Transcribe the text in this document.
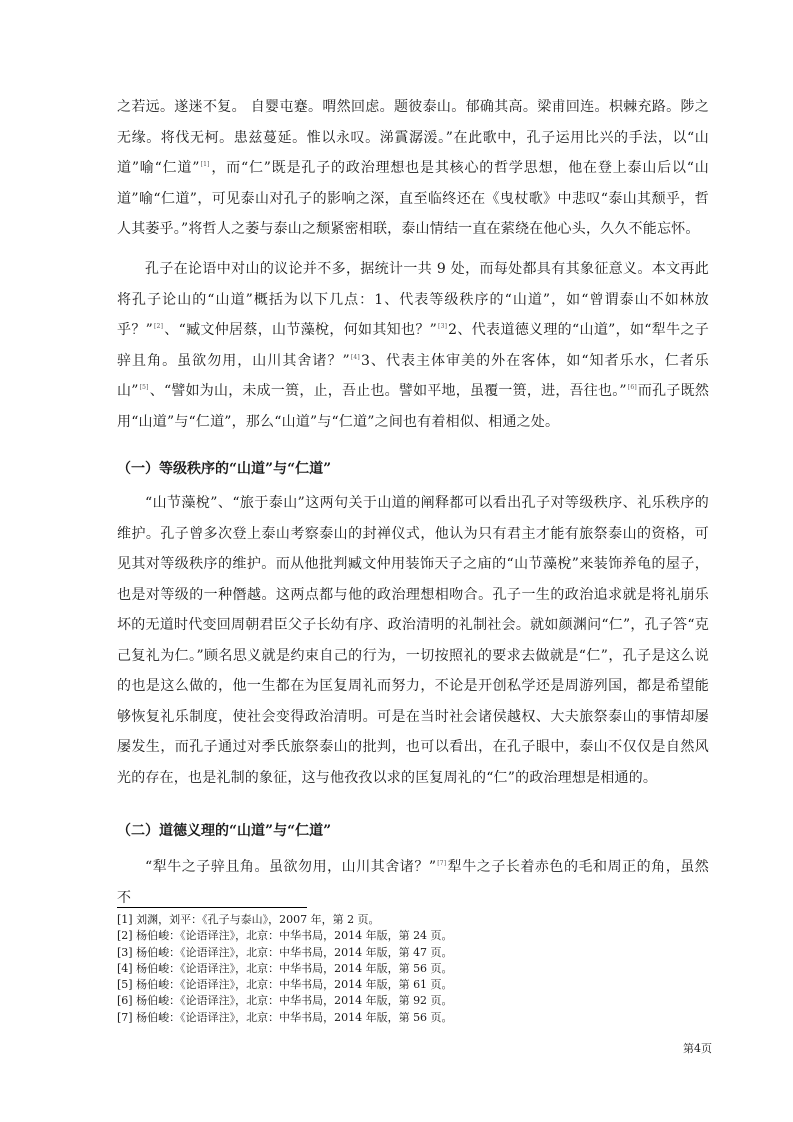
之若远。遂迷不复。 自婴屯蹇。喟然回虑。题彼泰山。郁确其高。梁甫回连。枳棘充路。陟之无缘。将伐无柯。患兹蔓延。惟以永叹。涕霣潺湲。”在此歌中，孔子运用比兴的手法，以“山道”喻“仁道”[1]，而“仁”既是孔子的政治理想也是其核心的哲学思想，他在登上泰山后以“山道”喻“仁道”，可见泰山对孔子的影响之深，直至临终还在《曳杖歌》中悲叹“泰山其颓乎，哲人其萎乎。”将哲人之萎与泰山之颓紧密相联，泰山情结一直在萦绕在他心头，久久不能忘怀。

孔子在论语中对山的议论并不多，据统计一共 9 处，而每处都具有其象征意义。本文再此将孔子论山的“山道”概括为以下几点：1、代表等级秩序的“山道”，如“曾谓泰山不如林放乎？”[2]、“臧文仲居蔡，山节藻梲，何如其知也？”[3]2、代表道德义理的“山道”，如“犁牛之子骍且角。虽欲勿用，山川其舍诸？”[4]3、代表主体审美的外在客体，如“知者乐水，仁者乐山”[5]、“譬如为山，未成一篑，止，吾止也。譬如平地，虽覆一篑，进，吾往也。”[6]而孔子既然用“山道”与“仁道”，那么“山道”与“仁道”之间也有着相似、相通之处。

（一）等级秩序的“山道”与“仁道”

“山节藻梲”、“旅于泰山”这两句关于山道的阐释都可以看出孔子对等级秩序、礼乐秩序的维护。孔子曾多次登上泰山考察泰山的封禅仪式，他认为只有君主才能有旅祭泰山的资格，可见其对等级秩序的维护。而从他批判臧文仲用装饰天子之庙的“山节藻梲”来装饰养龟的屋子，也是对等级的一种僭越。这两点都与他的政治理想相吻合。孔子一生的政治追求就是将礼崩乐坏的无道时代变回周朝君臣父子长幼有序、政治清明的礼制社会。就如颜渊问“仁”，孔子答“克己复礼为仁。”顾名思义就是约束自己的行为，一切按照礼的要求去做就是“仁”，孔子是这么说的也是这么做的，他一生都在为匡复周礼而努力，不论是开创私学还是周游列国，都是希望能够恢复礼乐制度，使社会变得政治清明。可是在当时社会诸侯越权、大夫旅祭泰山的事情却屡屡发生，而孔子通过对季氏旅祭泰山的批判，也可以看出，在孔子眼中，泰山不仅仅是自然风光的存在，也是礼制的象征，这与他孜孜以求的匡复周礼的“仁”的政治理想是相通的。

（二）道德义理的“山道”与“仁道”

“犁牛之子骍且角。虽欲勿用，山川其舍诸？”[7]犁牛之子长着赤色的毛和周正的角，虽然不

[1] 刘渊，刘平：《孔子与泰山》，2007 年，第 2 页。
[2] 杨伯峻：《论语译注》，北京：中华书局，2014 年版，第 24 页。
[3] 杨伯峻：《论语译注》，北京：中华书局，2014 年版，第 47 页。
[4] 杨伯峻：《论语译注》，北京：中华书局，2014 年版，第 56 页。
[5] 杨伯峻：《论语译注》，北京：中华书局，2014 年版，第 61 页。
[6] 杨伯峻：《论语译注》，北京：中华书局，2014 年版，第 92 页。
[7] 杨伯峻：《论语译注》，北京：中华书局，2014 年版，第 56 页。
第4页
